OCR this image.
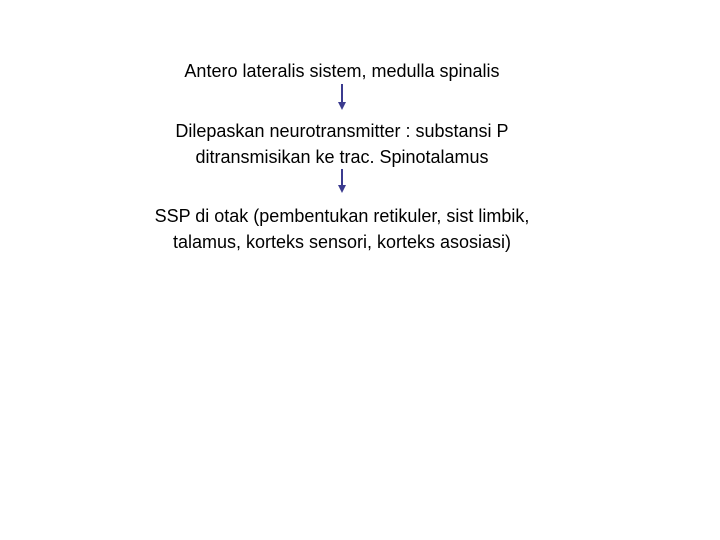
Antero lateralis sistem, medulla spinalis
Dilepaskan neurotransmitter : substansi P
ditransmisikan ke trac. Spinotalamus
SSP di otak (pembentukan retikuler, sist limbik,
talamus, korteks sensori, korteks asosiasi)
